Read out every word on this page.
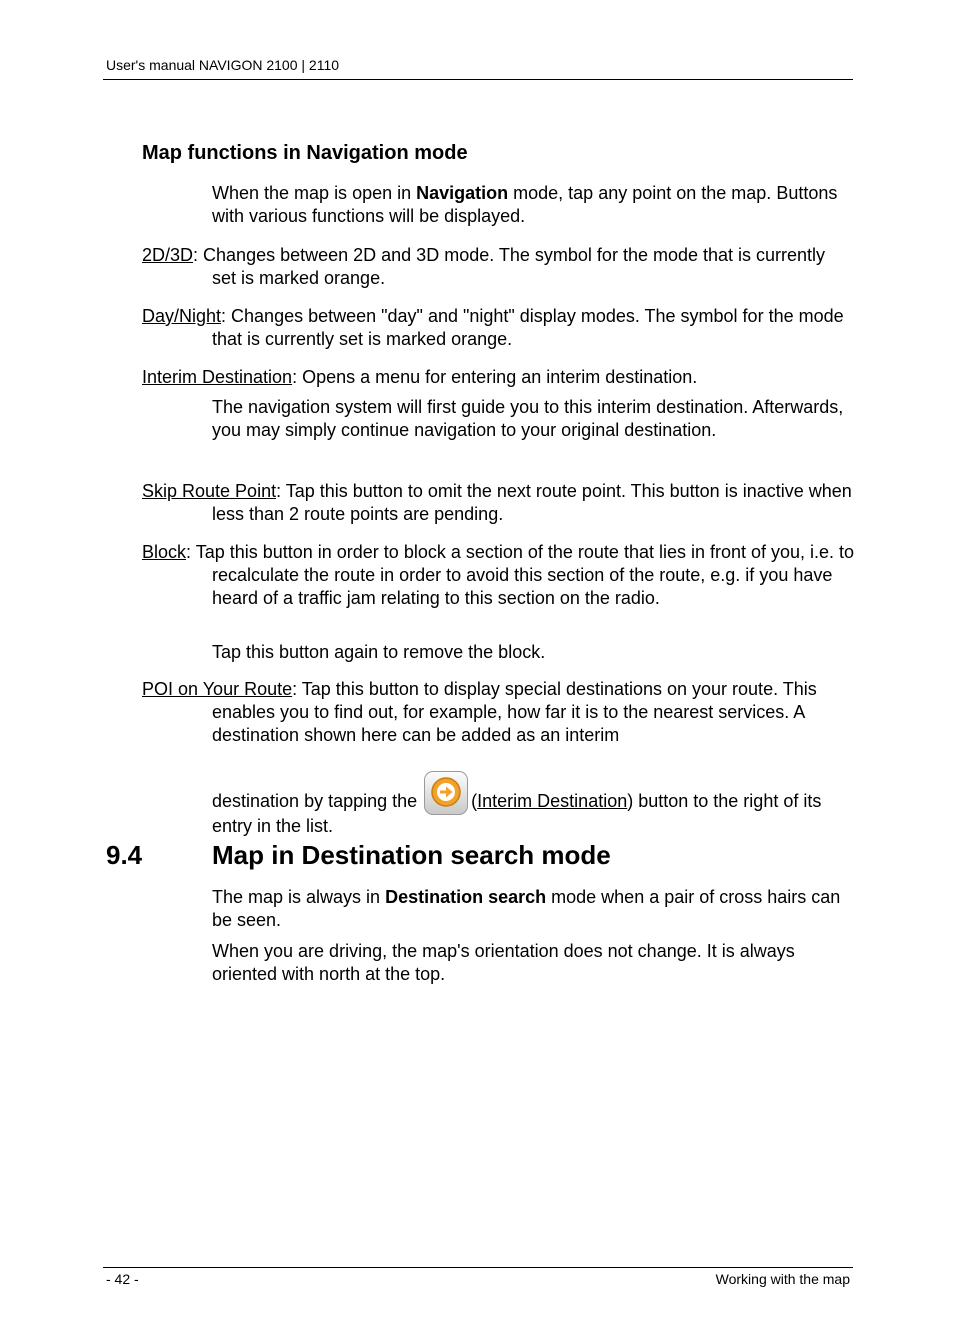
User's manual NAVIGON 2100 | 2110
Map functions in Navigation mode
When the map is open in Navigation mode, tap any point on the map. Buttons with various functions will be displayed.
2D/3D: Changes between 2D and 3D mode. The symbol for the mode that is currently set is marked orange.
Day/Night: Changes between "day" and "night" display modes. The symbol for the mode that is currently set is marked orange.
Interim Destination: Opens a menu for entering an interim destination.
The navigation system will first guide you to this interim destination. Afterwards, you may simply continue navigation to your original destination.
Skip Route Point: Tap this button to omit the next route point. This button is inactive when less than 2 route points are pending.
Block: Tap this button in order to block a section of the route that lies in front of you, i.e. to recalculate the route in order to avoid this section of the route, e.g. if you have heard of a traffic jam relating to this section on the radio.
Tap this button again to remove the block.
POI on Your Route: Tap this button to display special destinations on your route. This enables you to find out, for example, how far it is to the nearest services. A destination shown here can be added as an interim
destination by tapping the	(Interim Destination) button to the right of its entry in the list.
9.4	Map in Destination search mode
The map is always in Destination search mode when a pair of cross hairs can be seen.
When you are driving, the map's orientation does not change. It is always oriented with north at the top.
- 42 -	Working with the map
